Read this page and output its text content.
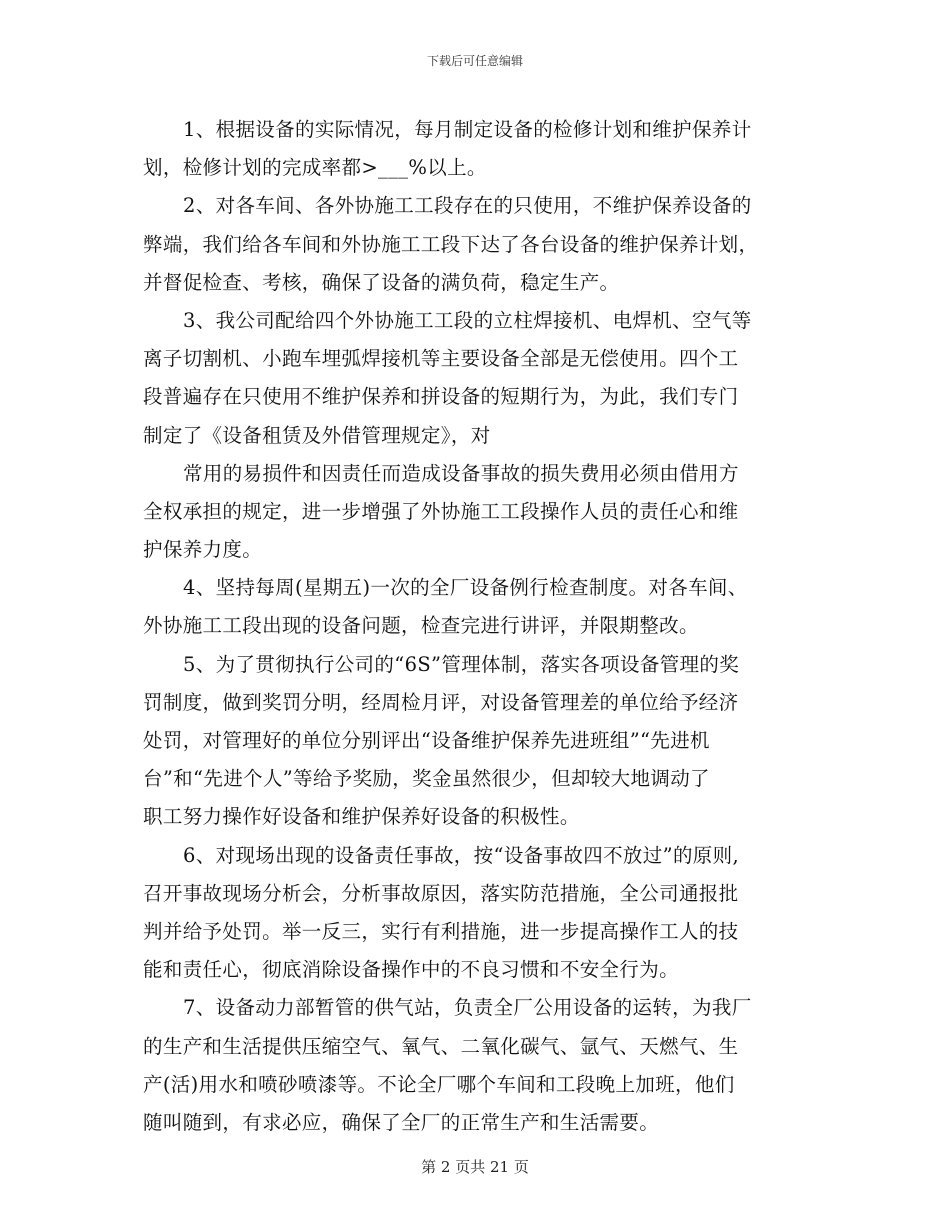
下载后可任意编辑
1、根据设备的实际情况，每月制定设备的检修计划和维护保养计
划，检修计划的完成率都>___%以上。
2、对各车间、各外协施工工段存在的只使用，不维护保养设备的
弊端，我们给各车间和外协施工工段下达了各台设备的维护保养计划，
并督促检查、考核，确保了设备的满负荷，稳定生产。
3、我公司配给四个外协施工工段的立柱焊接机、电焊机、空气等
离子切割机、小跑车埋弧焊接机等主要设备全部是无偿使用。四个工
段普遍存在只使用不维护保养和拼设备的短期行为，为此，我们专门
制定了《设备租赁及外借管理规定》，对
常用的易损件和因责任而造成设备事故的损失费用必须由借用方
全权承担的规定，进一步增强了外协施工工段操作人员的责任心和维
护保养力度。
4、坚持每周(星期五)一次的全厂设备例行检查制度。对各车间、
外协施工工段出现的设备问题，检查完进行讲评，并限期整改。
5、为了贯彻执行公司的“6S”管理体制，落实各项设备管理的奖
罚制度，做到奖罚分明，经周检月评，对设备管理差的单位给予经济
处罚，对管理好的单位分别评出“设备维护保养先进班组”“先进机
台”和“先进个人”等给予奖励，奖金虽然很少，但却较大地调动了
职工努力操作好设备和维护保养好设备的积极性。
6、对现场出现的设备责任事故，按“设备事故四不放过”的原则,
召开事故现场分析会，分析事故原因，落实防范措施，全公司通报批
判并给予处罚。举一反三，实行有利措施，进一步提高操作工人的技
能和责任心，彻底消除设备操作中的不良习惯和不安全行为。
7、设备动力部暂管的供气站，负责全厂公用设备的运转，为我厂
的生产和生活提供压缩空气、氧气、二氧化碳气、氩气、天燃气、生
产(活)用水和喷砂喷漆等。不论全厂哪个车间和工段晚上加班，他们
随叫随到，有求必应，确保了全厂的正常生产和生活需要。
第 2 页共 21 页
